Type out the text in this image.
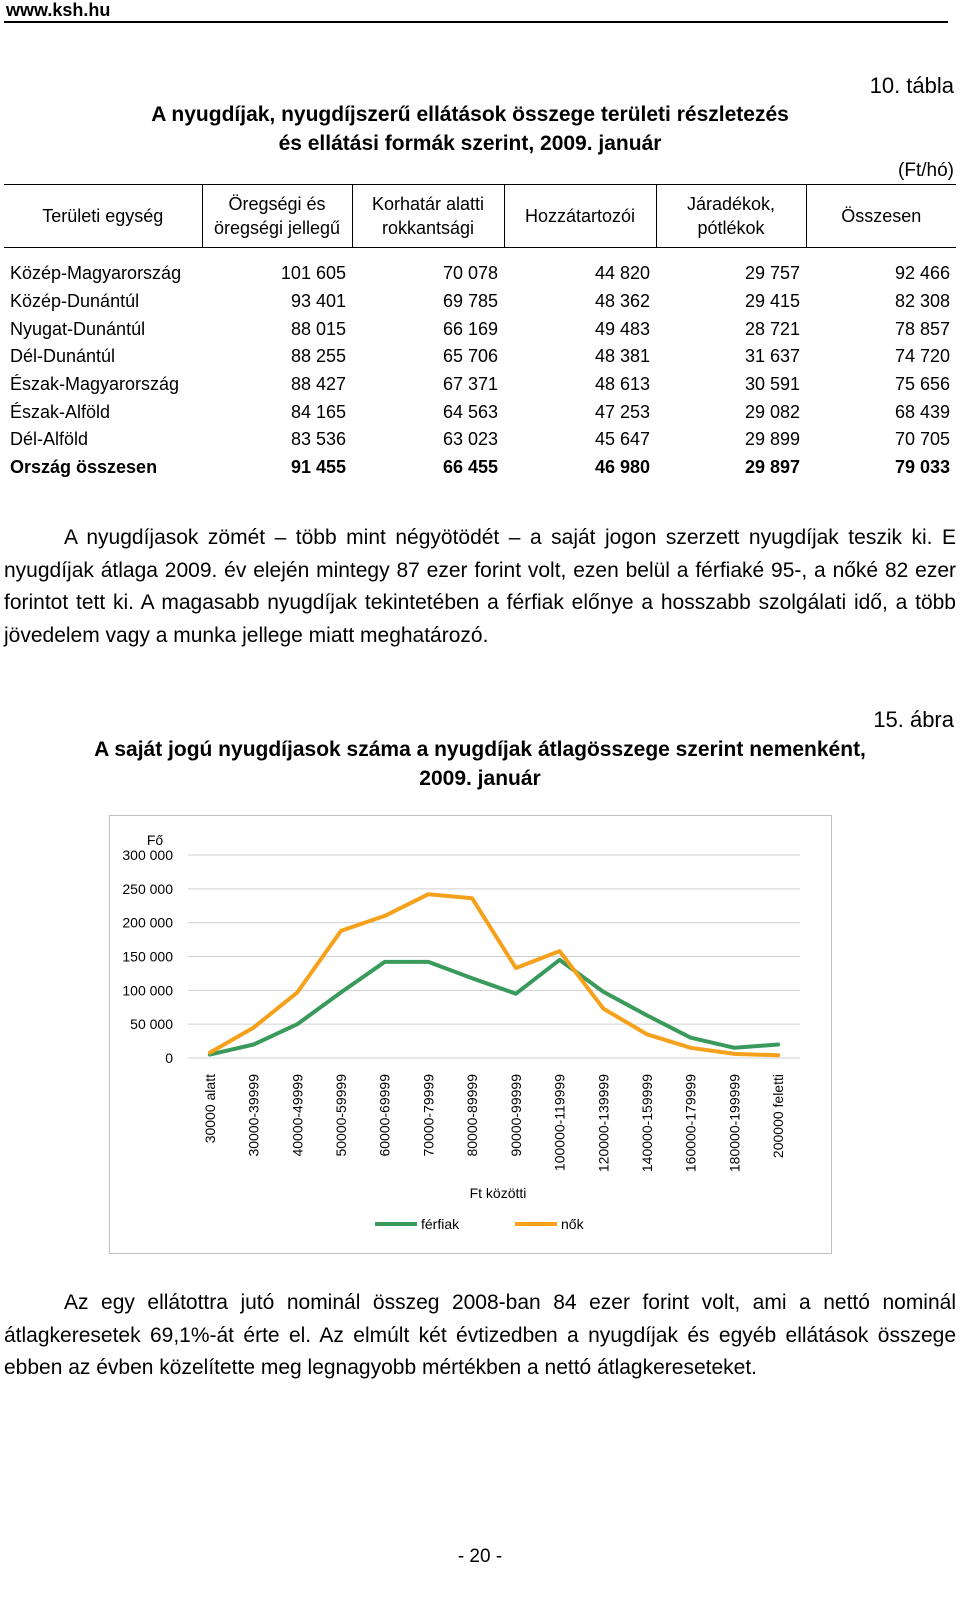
www.ksh.hu
10. tábla
A nyugdíjak, nyugdíjszerű ellátások összege területi részletezés
és ellátási formák szerint, 2009. január
(Ft/hó)
Területi egység	Öregségi és öregségi jellegű	Korhatár alatti rokkantsági	Hozzátartozói	Járadékok, pótlékok	Összesen
Közép-Magyarország	101 605	70 078	44 820	29 757	92 466
Közép-Dunántúl	93 401	69 785	48 362	29 415	82 308
Nyugat-Dunántúl	88 015	66 169	49 483	28 721	78 857
Dél-Dunántúl	88 255	65 706	48 381	31 637	74 720
Észak-Magyarország	88 427	67 371	48 613	30 591	75 656
Észak-Alföld	84 165	64 563	47 253	29 082	68 439
Dél-Alföld	83 536	63 023	45 647	29 899	70 705
Ország összesen	91 455	66 455	46 980	29 897	79 033
A nyugdíjasok zömét – több mint négyötödét – a saját jogon szerzett nyugdíjak teszik ki. E nyugdíjak átlaga 2009. év elején mintegy 87 ezer forint volt, ezen belül a férfiaké 95-, a nőké 82 ezer forintot tett ki. A magasabb nyugdíjak tekintetében a férfiak előnye a hosszabb szolgálati idő, a több jövedelem vagy a munka jellege miatt meghatározó.
15. ábra
A saját jogú nyugdíjasok száma a nyugdíjak átlagösszege szerint nemenként,
2009. január
300 000
250 000
200 000
150 000
100 000
50 000
0
Fő
30000 alatt 30000-39999 40000-49999 50000-59999 60000-69999 70000-79999 80000-89999 90000-99999 100000-119999 120000-139999 140000-159999 160000-179999 180000-199999 200000 feletti
Ft közötti
férfiak	nők
Az egy ellátottra jutó nominál összeg 2008-ban 84 ezer forint volt, ami a nettó nominál átlagkeresetek 69,1%-át érte el. Az elmúlt két évtizedben a nyugdíjak és egyéb ellátások összege ebben az évben közelítette meg legnagyobb mértékben a nettó átlagkereseteket.
- 20 -
